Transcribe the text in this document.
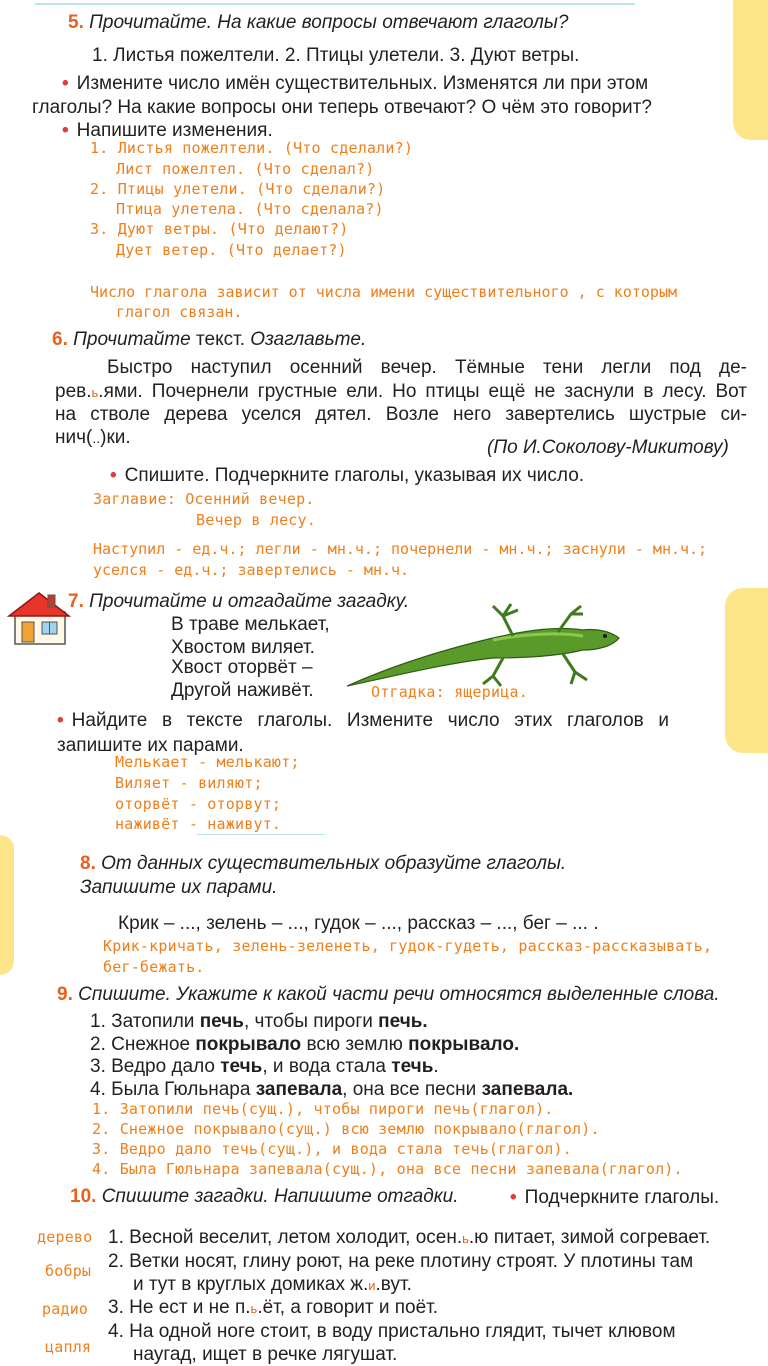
5. Прочитайте. На какие вопросы отвечают глаголы?
1. Листья пожелтели. 2. Птицы улетели. 3. Дуют ветры.
• Измените число имён существительных. Изменятся ли при этом
глаголы? На какие вопросы они теперь отвечают? О чём это говорит?
• Напишите изменения.
1. Листья пожелтели. (Что сделали?)
Лист пожелтел. (Что сделал?)
2. Птицы улетели. (Что сделали?)
Птица улетела. (Что сделала?)
3. Дуют ветры. (Что делают?)
Дует ветер. (Что делает?)
Число глагола зависит от числа имени существительного , с которым
глагол связан.
6. Прочитайте текст. Озаглавьте.
Быстро наступил осенний вечер. Тёмные тени легли под де-
рев.ь.ями. Почернели грустные ели. Но птицы ещё не заснули в лесу. Вот
на стволе дерева уселся дятел. Возле него завертелись шустрые си-
нич(..)ки.	(По И.Соколову-Микитову)
• Спишите. Подчеркните глаголы, указывая их число.
Заглавие: Осенний вечер.
Вечер в лесу.
Наступил - ед.ч.; легли - мн.ч.; почернели - мн.ч.; заснули - мн.ч.;
уселся - ед.ч.; завертелись - мн.ч.
7. Прочитайте и отгадайте загадку.
В траве мелькает,
Хвостом виляет.
Хвост оторвёт –
Другой наживёт.	Отгадка: ящерица.
• Найдите в тексте глаголы. Измените число этих глаголов и
запишите их парами.
Мелькает - мелькают;
Виляет - виляют;
оторвёт - оторвут;
наживёт - наживут.
8. От данных существительных образуйте глаголы.
Запишите их парами.
Крик – ..., зелень – ..., гудок – ..., рассказ – ..., бег – ... .
Крик-кричать, зелень-зеленеть, гудок-гудеть, рассказ-рассказывать,
бег-бежать.
9. Спишите. Укажите к какой части речи относятся выделенные слова.
1. Затопили печь, чтобы пироги печь.
2. Снежное покрывало всю землю покрывало.
3. Ведро дало течь, и вода стала течь.
4. Была Гюльнара запевала, она все песни запевала.
1. Затопили печь(сущ.), чтобы пироги печь(глагол).
2. Снежное покрывало(сущ.) всю землю покрывало(глагол).
3. Ведро дало течь(сущ.), и вода стала течь(глагол).
4. Была Гюльнара запевала(сущ.), она все песни запевала(глагол).
10. Спишите загадки. Напишите отгадки.	• Подчеркните глаголы.
дерево
бобры
радио
цапля
1. Весной веселит, летом холодит, осен.ь.ю питает, зимой согревает.
2. Ветки носят, глину роют, на реке плотину строят. У плотины там
и тут в круглых домиках ж.и.вут.
3. Не ест и не п.ь.ёт, а говорит и поёт.
4. На одной ноге стоит, в воду пристально глядит, тычет клювом
наугад, ищет в речке лягушат.
